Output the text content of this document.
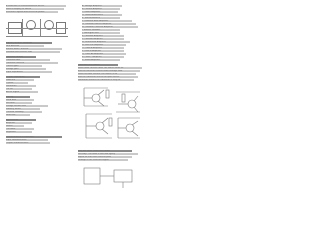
A transistor is a semiconductor device
used to amplify or switch
electronic signals and electrical power.
Bipolar Junction Transistor
NPN and PNP
Emitter Base Collector
Forward bias Reverse bias
Common emitter
Common base
Common collector
Current gain
Voltage gain
Input impedance
Output impedance
Load line
Q point
Saturation
Cut off
Active region
Biasing
Fixed bias
Self bias
Voltage divider bias
Stability factor
Thermal runaway
Heat sink
Applications
Amplifier
Switch
Oscillator
Regulator
Characteristics of transistor
Input characteristics
Output characteristics
A. Voltage Amplifier
B. Current Amplifier
C. Power Amplifier
D. Transconductance
E. Transresistance
F. Common Base Amplifier
G. Common Emitter Amplifier
H. Common Collector Amplifier
I. Emitter Follower
J. Darlington Pair
K. Cascade Amplifier
L. Cascode Amplifier
M. Differential Amplifier
N. Push Pull Amplifier
O. Class A Amplifier
P. Class B Amplifier
Q. Class AB Amplifier
R. Class C Amplifier
S. Tuned Amplifier
Transistor as a Switch
When base current flows, the switch turns on
and the collector current flows through load.
When no base current, the switch is off
and the transistor acts as an open circuit.
Saturation means the transistor is fully on.
Why are some transistors made
this way? The base is thin and lightly
doped so that most carriers pass
through to the collector region.
